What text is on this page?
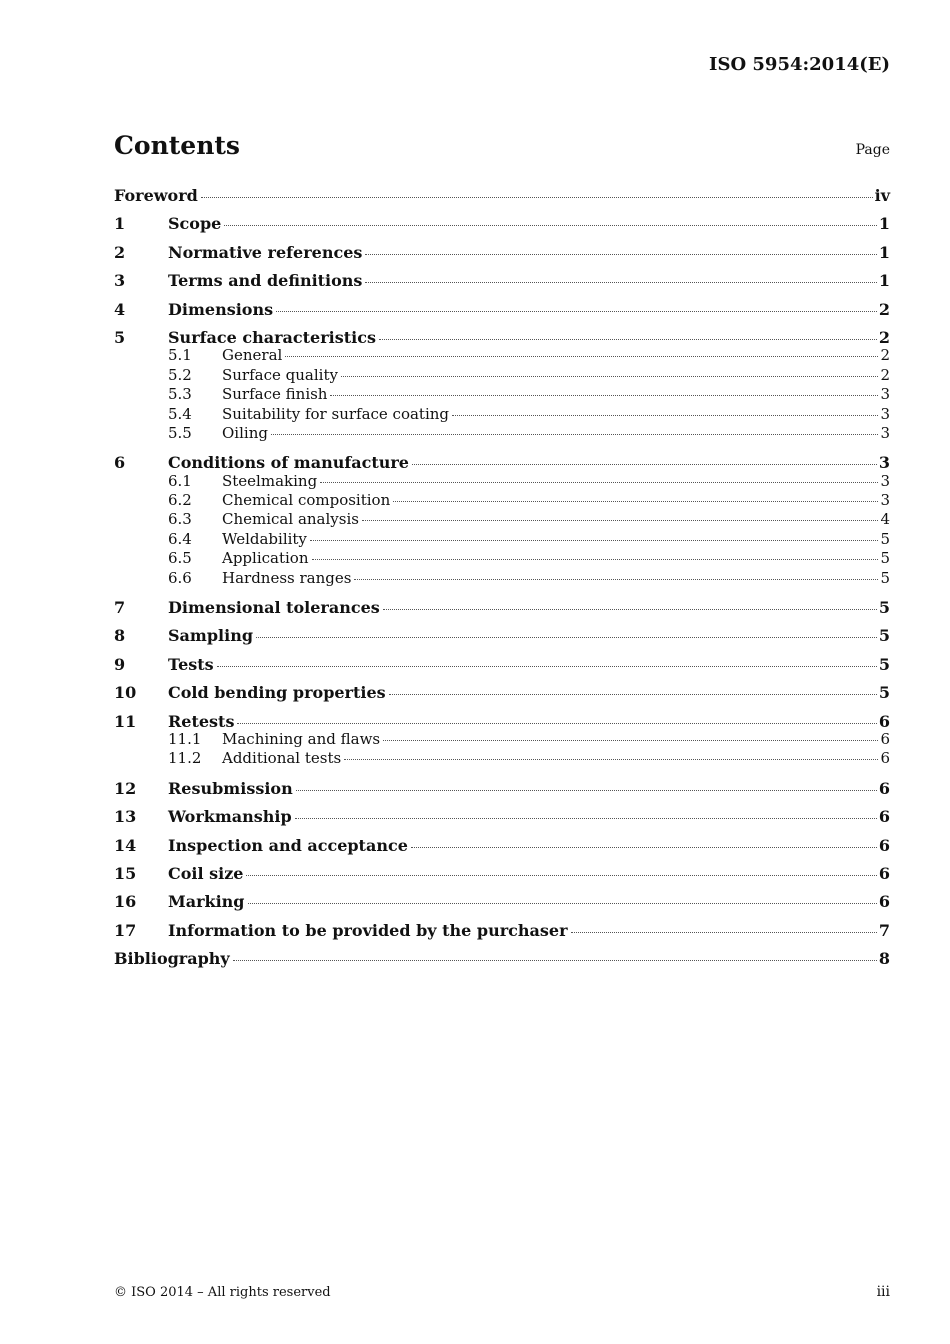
ISO 5954:2014(E)
Contents	Page
Foreword	iv
1	Scope	1
2	Normative references	1
3	Terms and definitions	1
4	Dimensions	2
5	Surface characteristics	2
5.1	General	2
5.2	Surface quality	2
5.3	Surface finish	3
5.4	Suitability for surface coating	3
5.5	Oiling	3
6	Conditions of manufacture	3
6.1	Steelmaking	3
6.2	Chemical composition	3
6.3	Chemical analysis	4
6.4	Weldability	5
6.5	Application	5
6.6	Hardness ranges	5
7	Dimensional tolerances	5
8	Sampling	5
9	Tests	5
10	Cold bending properties	5
11	Retests	6
11.1	Machining and flaws	6
11.2	Additional tests	6
12	Resubmission	6
13	Workmanship	6
14	Inspection and acceptance	6
15	Coil size	6
16	Marking	6
17	Information to be provided by the purchaser	7
Bibliography	8
© ISO 2014 – All rights reserved	iii
